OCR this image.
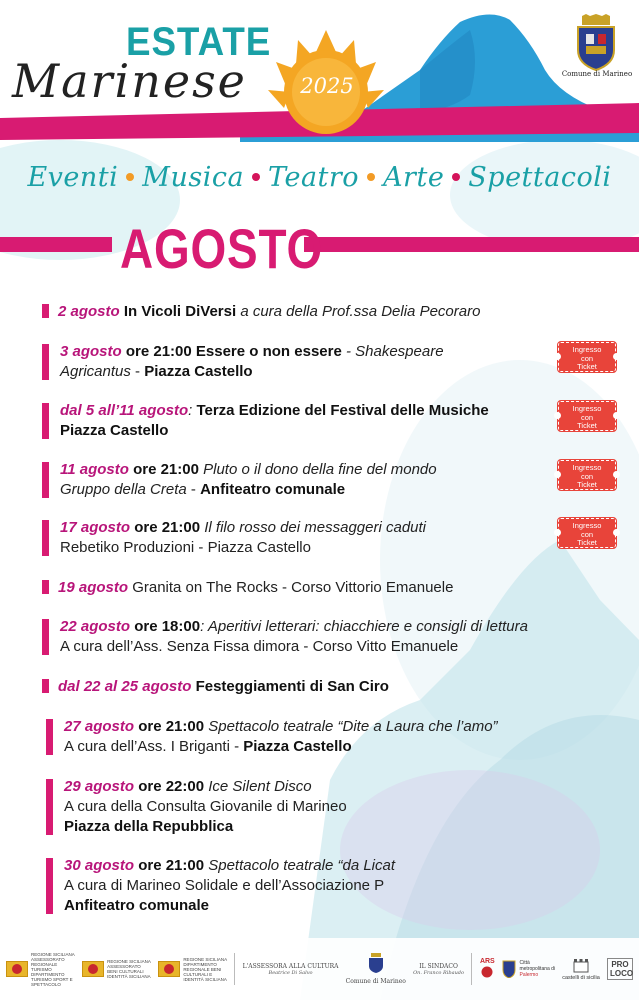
ESTATE
Marinese	2025	Comune di Marineo
Eventi Musica Teatro Arte Spettacoli
AGOSTO
2 agosto In Vicoli DiVersi a cura della Prof.ssa Delia Pecoraro
3 agosto ore 21:00 Essere o non essere - Shakespeare
Agricantus - Piazza Castello
Ingresso
con
Ticket
dal 5 all’11 agosto: Terza Edizione del Festival delle Musiche
Piazza Castello
Ingresso
con
Ticket
11 agosto ore 21:00 Pluto o il dono della fine del mondo
Gruppo della Creta - Anfiteatro comunale
Ingresso
con
Ticket
17 agosto ore 21:00 Il filo rosso dei messaggeri caduti
Rebetiko Produzioni - Piazza Castello
Ingresso
con
Ticket
19 agosto Granita on The Rocks - Corso Vittorio Emanuele
22 agosto ore 18:00: Aperitivi letterari: chiacchiere e consigli di lettura
A cura dell’Ass. Senza Fissa dimora - Corso Vitto Emanuele
dal 22 al 25 agosto Festeggiamenti di San Ciro
27 agosto ore 21:00 Spettacolo teatrale “Dite a Laura che l’amo”
A cura dell’Ass. I Briganti - Piazza Castello
29 agosto ore 22:00 Ice Silent Disco
A cura della Consulta Giovanile di Marineo
Piazza della Repubblica
30 agosto ore 21:00 Spettacolo teatrale “da Licat
A cura di Marineo Solidale e dell’Associazione P
Anfiteatro comunale
REGIONE SICILIANA ASSESSORATO REGIONALE TURISMO DIPARTIMENTO TURISMO SPORT E SPETTACOLO
REGIONE SICILIANA ASSESSORATO BENI CULTURALI IDENTITÀ SICILIANA
REGIONE SICILIANA DIPARTIMENTO REGIONALE BENI CULTURALI E IDENTITÀ SICILIANA
L'ASSESSORA ALLA CULTURA
Beatrice Di Salvo
Comune di Marineo
IL SINDACO
On. Franco Ribaudo
ARS	Città
metropolitana di
Palermo	castelli di sicilia
PRO LOCO
